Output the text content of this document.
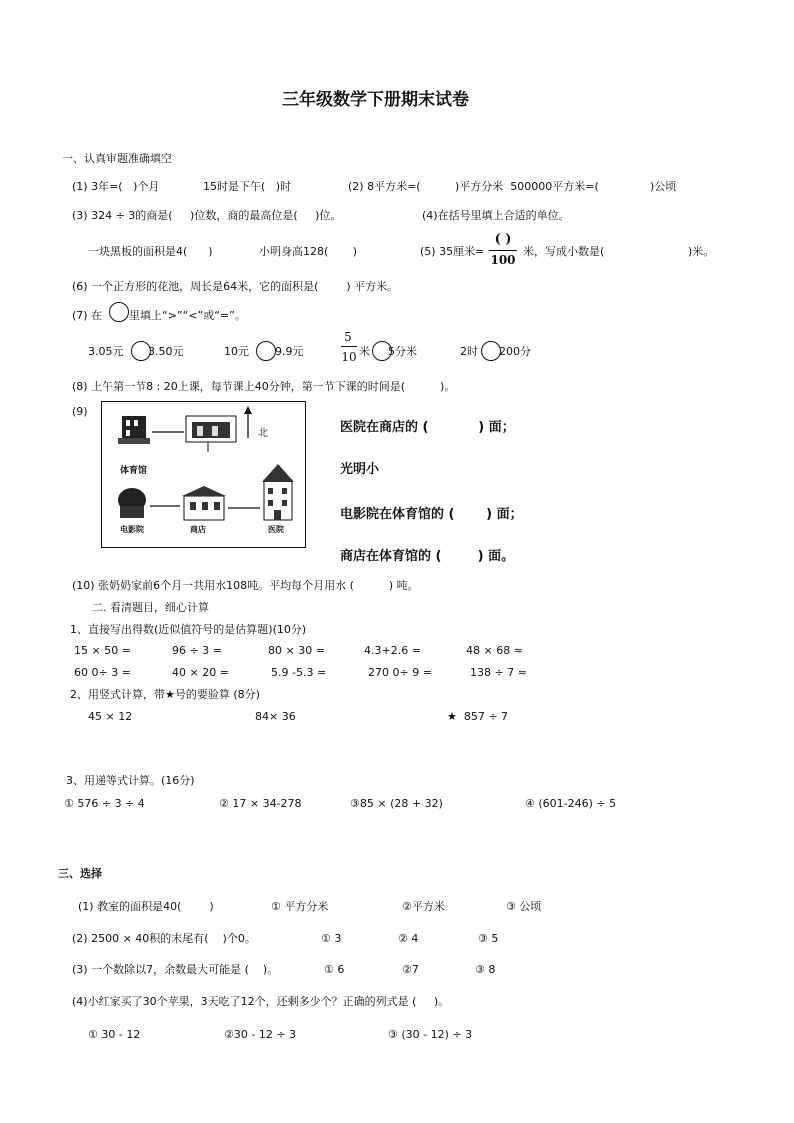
三年级数学下册期末试卷
一、认真审题准确填空
(1) 3年=(   )个月	15时是下午(   )时	(2) 8平方米=(	)平方分米  500000平方米=(	)公顷
(3) 324 ÷ 3的商是(     )位数，商的最高位是(     )位。	(4)在括号里填上合适的单位。
一块黑板的面积是4(      )	小明身高128(       )	(5) 35厘米=
( )
100
米，写成小数是(	)米。
(6) 一个正方形的花池，周长是64米，它的面积是(        ) 平方米。
(7) 在 里填上“>”“<”或“=”。
3.05元 3.50元	10元 9.9元
5
10 米 5分米	2时 200分
(8) 上午第一节8 : 20上课，每节课上40分钟，第一节下课的时间是(          )。
(9)
北
体育馆
电影院	商店	医院
医院在商店的 (           ) 面；
光明小
电影院在体育馆的 (       ) 面；
商店在体育馆的 (        ) 面。
(10) 张奶奶家前6个月一共用水108吨。平均每个月用水 (          ) 吨。
二. 看清题目，细心计算
1、直接写出得数(近似值符号的是估算题)(10分)
15 × 50 =	96 ÷ 3 =	80 × 30 =	4.3+2.6 =	48 × 68 ≈
60 0÷ 3 =	40 × 20 =	5.9 -5.3 =	270 0÷ 9 =	138 ÷ 7 ≈
2、用竖式计算，带★号的要验算 (8分)
45 × 12	84× 36	★  857 ÷ 7
3、用递等式计算。(16分)
① 576 ÷ 3 ÷ 4	② 17 × 34-278	③85 × (28 + 32)	④ (601-246) ÷ 5
三、选择
(1) 教室的面积是40(        )	① 平方分米	②平方米	③ 公顷
(2) 2500 × 40积的末尾有(    )个0。	① 3	② 4	③ 5
(3) 一个数除以7，余数最大可能是 (    )。	① 6	②7	③ 8
(4)小红家买了30个苹果，3天吃了12个，还剩多少个？正确的列式是 (     )。
① 30 - 12	②30 - 12 ÷ 3	③ (30 - 12) ÷ 3
